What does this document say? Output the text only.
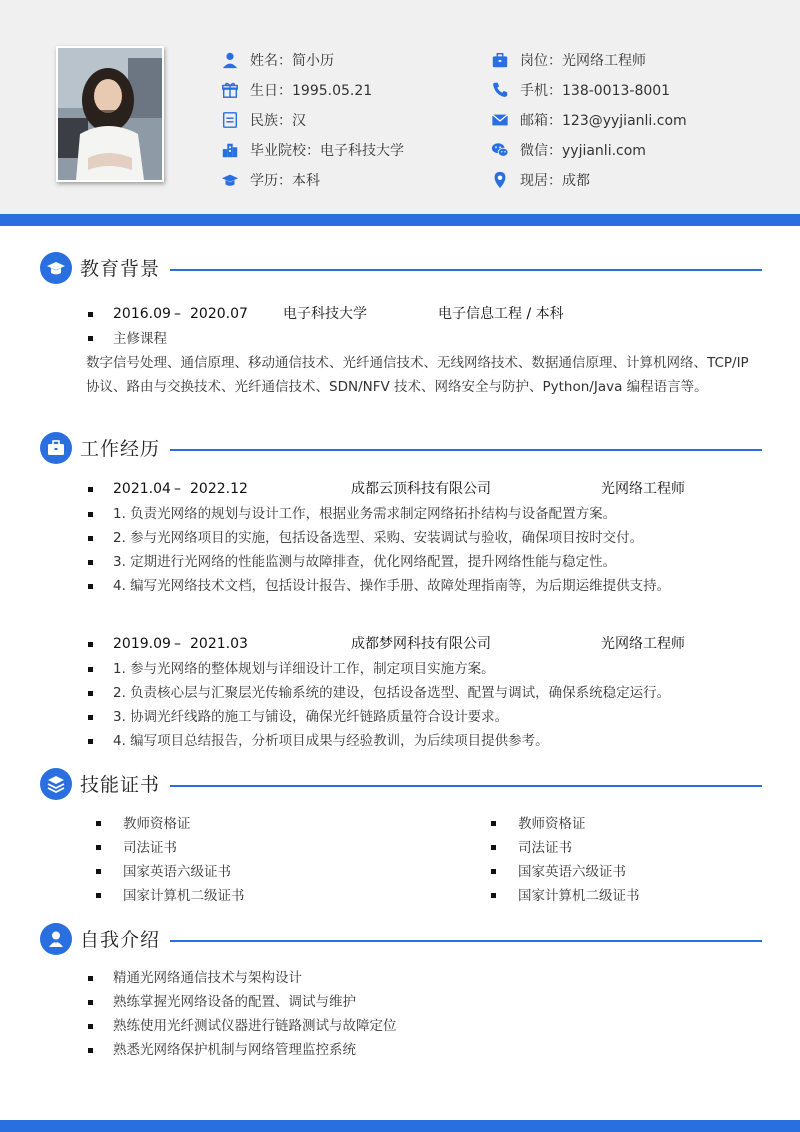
姓名：简小历
生日：1995.05.21
民族：汉
毕业院校：电子科技大学
学历：本科
岗位：光网络工程师
手机：138-0013-8001
邮箱：123@yyjianli.com
微信：yyjianli.com
现居：成都
教育背景
2016.09 – 2020.07	电子科技大学	电子信息工程 / 本科
主修课程
数字信号处理、通信原理、移动通信技术、光纤通信技术、无线网络技术、数据通信原理、计算机网络、TCP/IP协议、路由与交换技术、光纤通信技术、SDN/NFV 技术、网络安全与防护、Python/Java 编程语言等。
工作经历
2021.04 – 2022.12	成都云顶科技有限公司	光网络工程师
1. 负责光网络的规划与设计工作，根据业务需求制定网络拓扑结构与设备配置方案。
2. 参与光网络项目的实施，包括设备选型、采购、安装调试与验收，确保项目按时交付。
3. 定期进行光网络的性能监测与故障排查，优化网络配置，提升网络性能与稳定性。
4. 编写光网络技术文档，包括设计报告、操作手册、故障处理指南等，为后期运维提供支持。
2019.09 – 2021.03	成都梦网科技有限公司	光网络工程师
1. 参与光网络的整体规划与详细设计工作，制定项目实施方案。
2. 负责核心层与汇聚层光传输系统的建设，包括设备选型、配置与调试，确保系统稳定运行。
3. 协调光纤线路的施工与铺设，确保光纤链路质量符合设计要求。
4. 编写项目总结报告，分析项目成果与经验教训，为后续项目提供参考。
技能证书
教师资格证
司法证书
国家英语六级证书
国家计算机二级证书
教师资格证
司法证书
国家英语六级证书
国家计算机二级证书
自我介绍
精通光网络通信技术与架构设计
熟练掌握光网络设备的配置、调试与维护
熟练使用光纤测试仪器进行链路测试与故障定位
熟悉光网络保护机制与网络管理监控系统
